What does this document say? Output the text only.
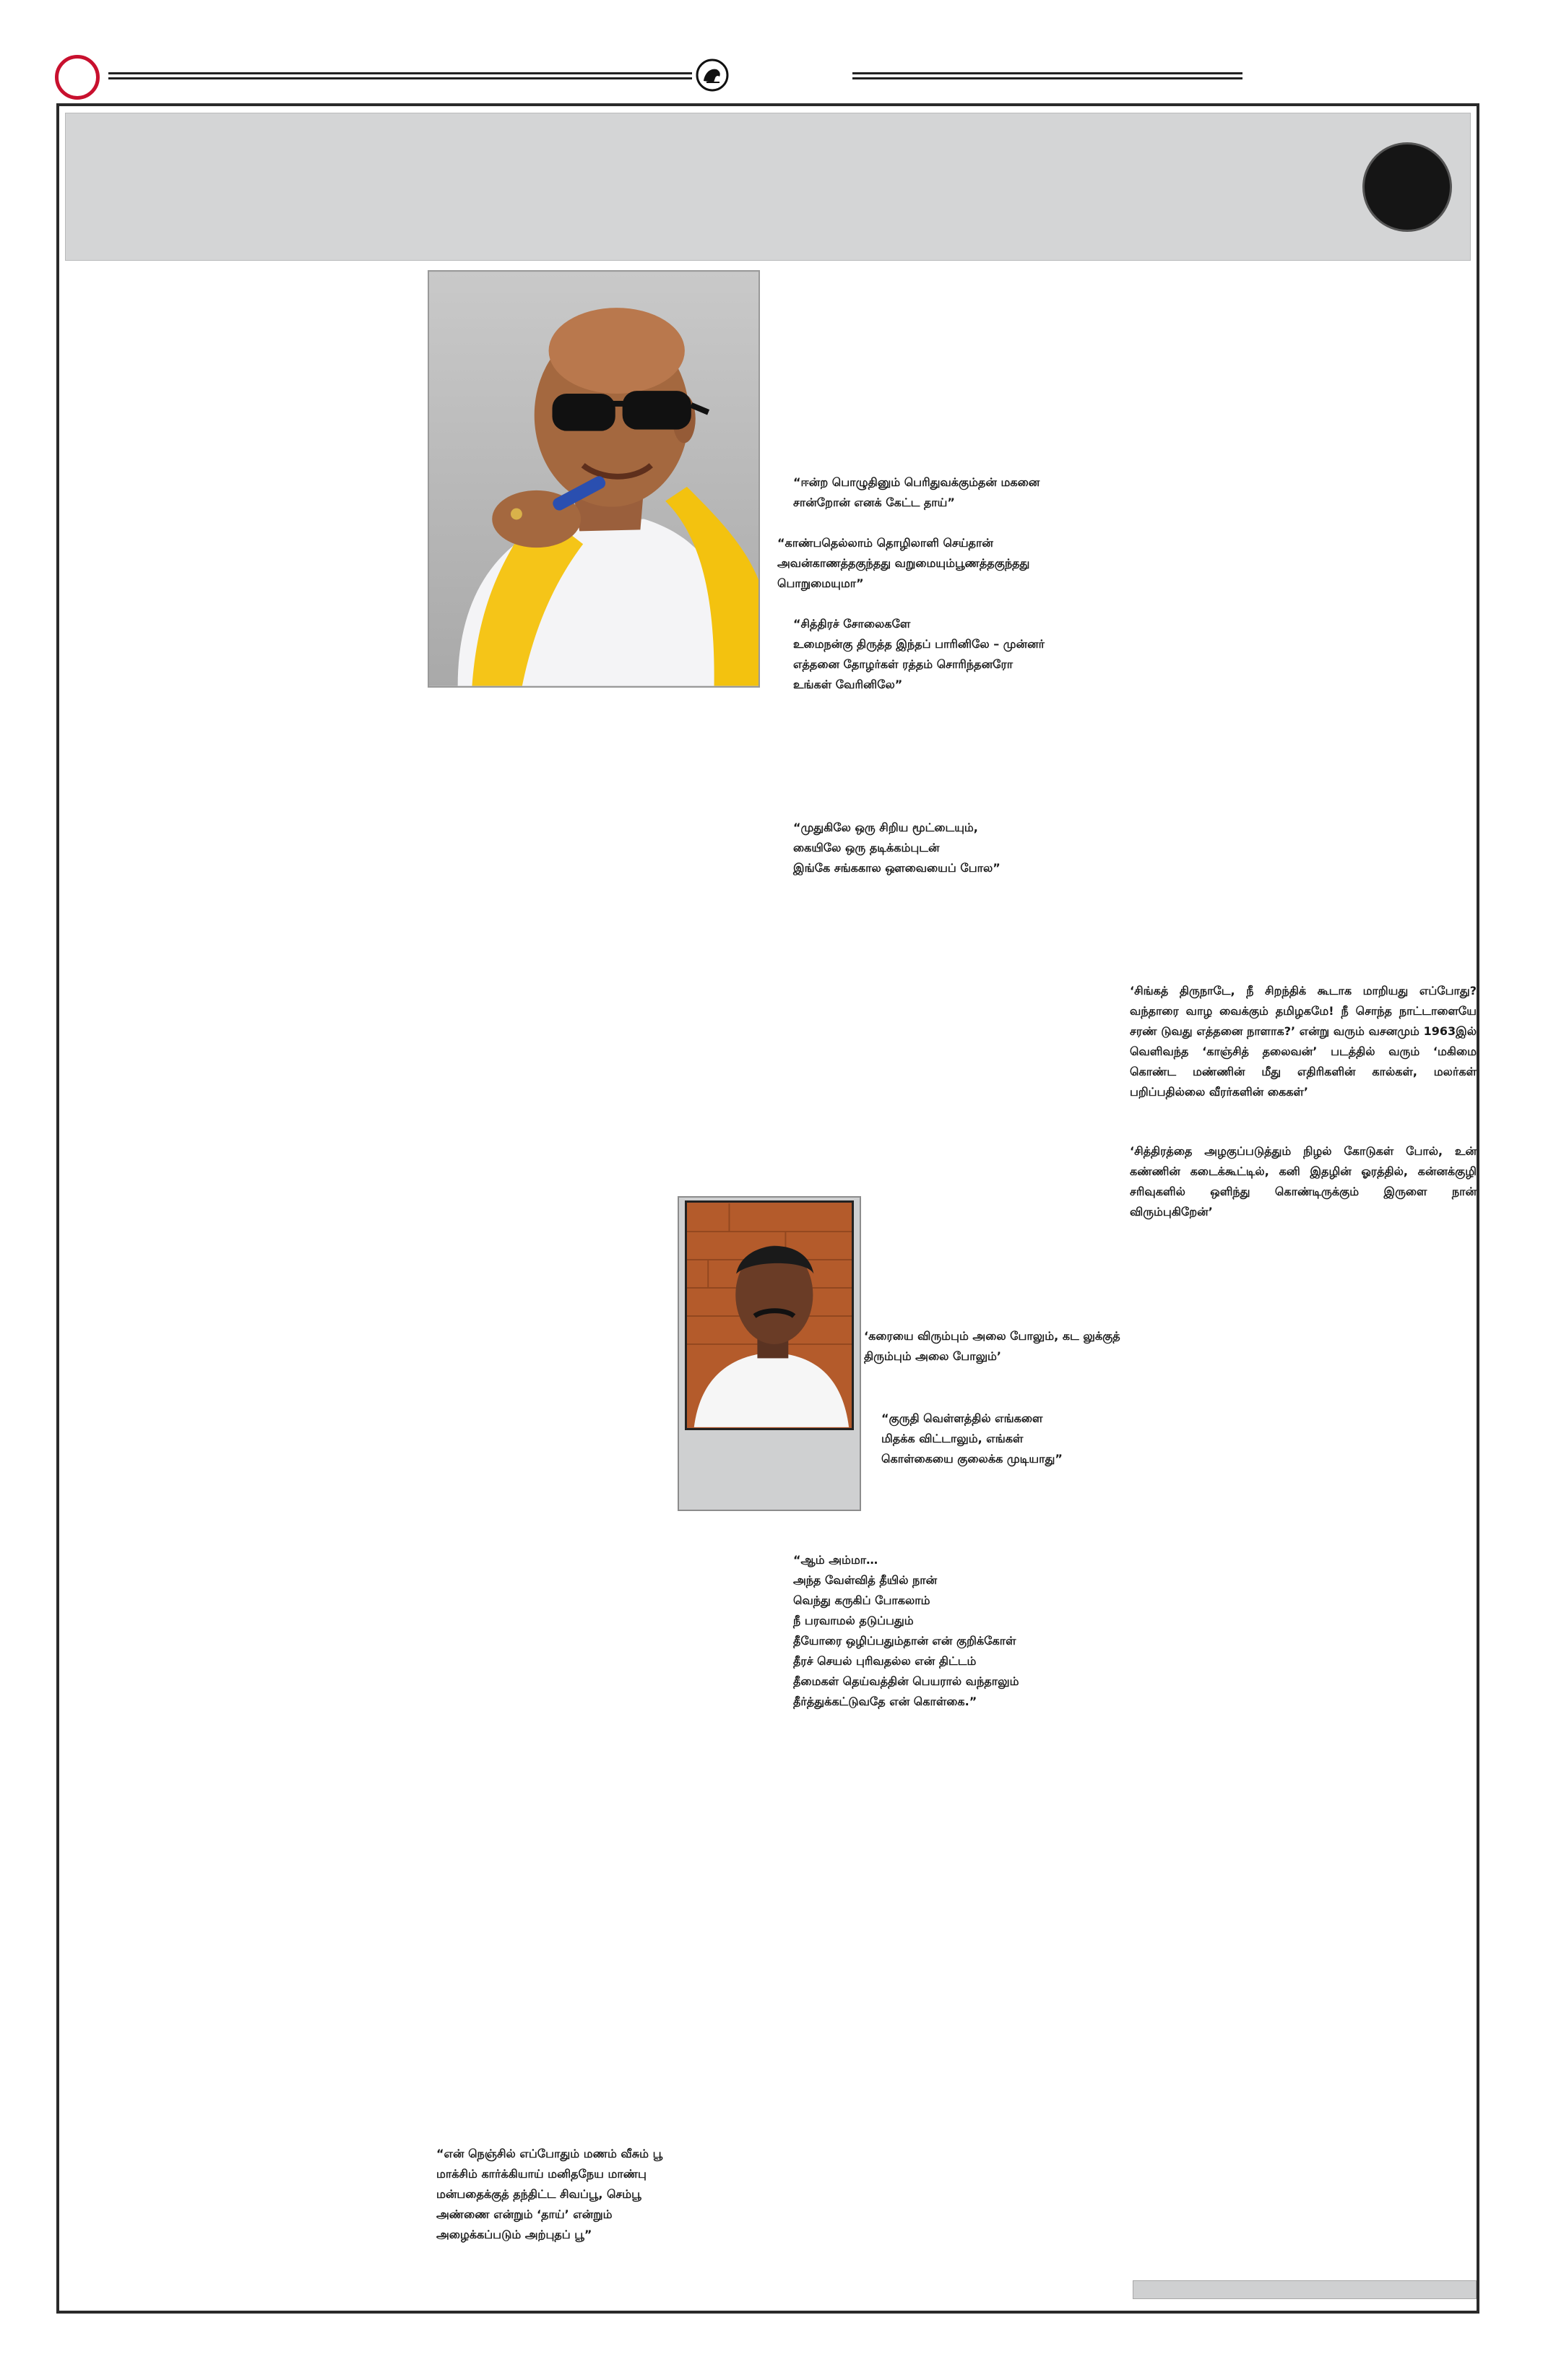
“ஈன்ற பொழுதினும் பெரிதுவக்கும்தன் மகனை
சான்றோன் எனக் கேட்ட தாய்”
“காண்பதெல்லாம் தொழிலாளி செய்தான்
அவன்காணத்தகுந்தது வறுமையும்பூணத்தகுந்தது
பொறுமையுமா”
“சித்திரச் சோலைகளே
உமைநன்கு திருத்த இந்தப் பாரினிலே – முன்னர்
எத்தனை தோழர்கள் ரத்தம் சொரிந்தனரோ
உங்கள் வேரினிலே”
“முதுகிலே ஒரு சிறிய மூட்டையும்,
கையிலே ஒரு தடிக்கம்புடன்
இங்கே சங்ககால ஔவையைப் போல”
‘சிங்கத் திருநாடே, நீ சிறந்திக் கூடாக மாறியது எப்போது? வந்தாரை வாழ வைக்கும் தமிழகமே! நீ சொந்த நாட்டாளையே சரண் டுவது எத்தனை நாளாக?’ என்று வரும் வசனமும் 1963இல் வெளிவந்த ‘காஞ்சித் தலைவன்’ படத்தில் வரும் ‘மகிமை கொண்ட மண்ணின் மீது எதிரிகளின் கால்கள், மலர்கள் பறிப்பதில்லை வீரர்களின் கைகள்’
‘சித்திரத்தை அழகுப்படுத்தும் நிழல் கோடுகள் போல், உன் கண்ணின் கடைக்கூட்டில், கனி இதழின் ஓரத்தில், கன்னக்குழி சரிவுகளில் ஒளிந்து கொண்டிருக்கும் இருளை நான் விரும்புகிறேன்’
‘கரையை விரும்பும் அலை போலும், கட லுக்குத் திரும்பும் அலை போலும்’
“குருதி வெள்ளத்தில் எங்களை
மிதக்க விட்டாலும், எங்கள்
கொள்கையை குலைக்க முடியாது”
“ஆம் அம்மா…
அந்த வேள்வித் தீயில் நான்
வெந்து கருகிப் போகலாம்
நீ பரவாமல் தடுப்பதும்
தீயோரை ஒழிப்பதும்தான் என் குறிக்கோள்
தீரச் செயல் புரிவதல்ல என் திட்டம்
தீமைகள் தெய்வத்தின் பெயரால் வந்தாலும்
தீர்த்துக்கட்டுவதே என் கொள்கை.”
“என் நெஞ்சில் எப்போதும் மணம் வீசும் பூ
மாக்சிம் கார்க்கியாய் மனிதநேய மாண்பு
மன்பதைக்குத் தந்திட்ட சிவப்பூ, செம்பூ
அண்ணை என்றும் ‘தாய்’ என்றும்
அழைக்கப்படும் அற்புதப் பூ”
